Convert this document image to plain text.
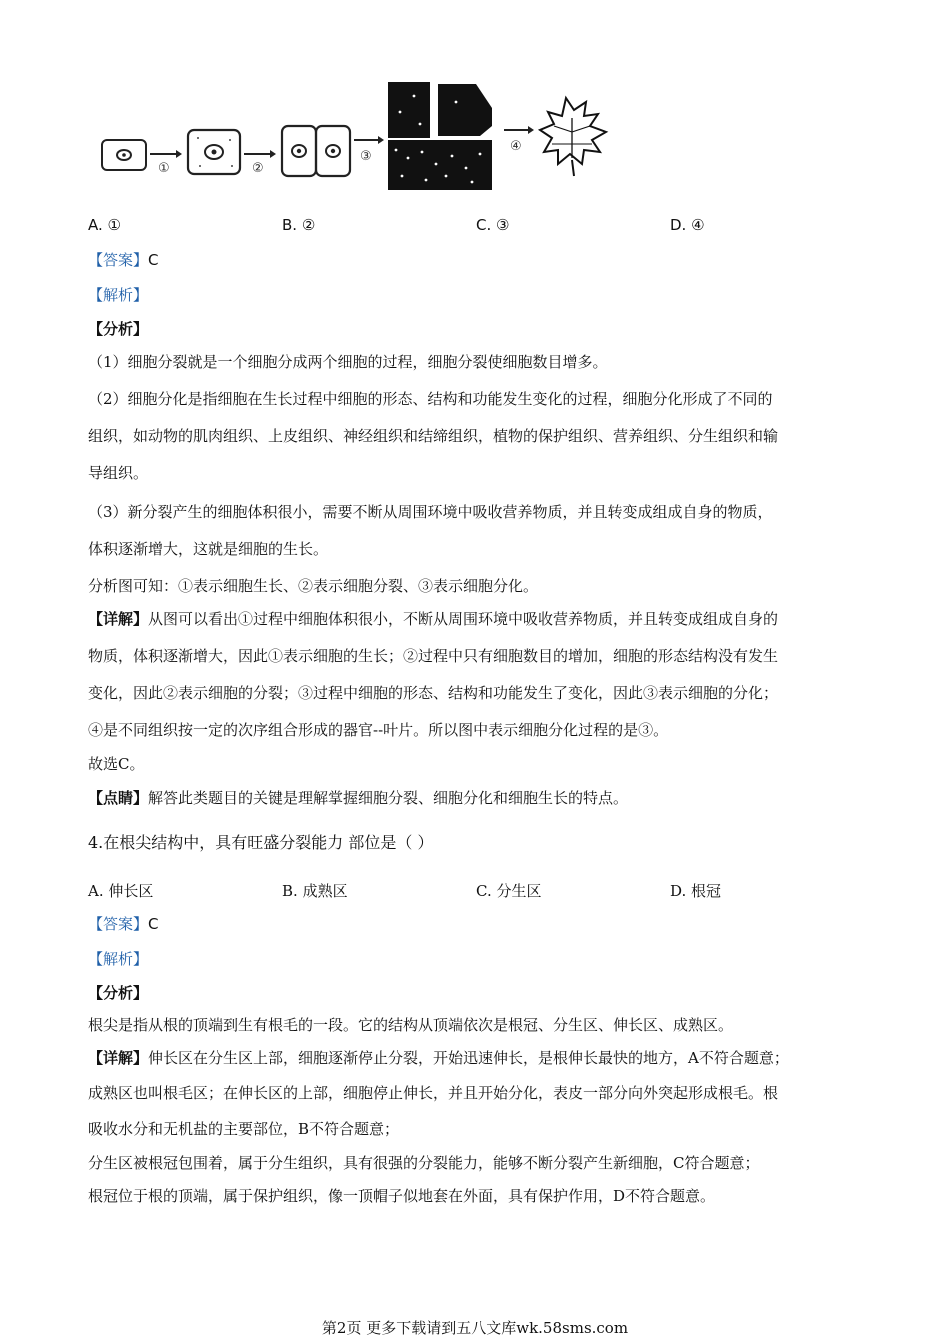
①	②
③
④
A. ①	B. ②	C. ③	D. ④
【答案】C
【解析】
【分析】
（1）细胞分裂就是一个细胞分成两个细胞的过程，细胞分裂使细胞数目增多。
（2）细胞分化是指细胞在生长过程中细胞的形态、结构和功能发生变化的过程，细胞分化形成了不同的
组织，如动物的肌肉组织、上皮组织、神经组织和结缔组织，植物的保护组织、营养组织、分生组织和输
导组织。
（3）新分裂产生的细胞体积很小，需要不断从周围环境中吸收营养物质，并且转变成组成自身的物质，
体积逐渐增大，这就是细胞的生长。
分析图可知：①表示细胞生长、②表示细胞分裂、③表示细胞分化。
【详解】从图可以看出①过程中细胞体积很小，不断从周围环境中吸收营养物质，并且转变成组成自身的
物质，体积逐渐增大，因此①表示细胞的生长；②过程中只有细胞数目的增加，细胞的形态结构没有发生
变化，因此②表示细胞的分裂；③过程中细胞的形态、结构和功能发生了变化，因此③表示细胞的分化；
④是不同组织按一定的次序组合形成的器官--叶片。所以图中表示细胞分化过程的是③。
故选C。
【点睛】解答此类题目的关键是理解掌握细胞分裂、细胞分化和细胞生长的特点。
4.在根尖结构中，具有旺盛分裂能力 部位是（ ）
A. 伸长区	B. 成熟区	C. 分生区	D. 根冠
【答案】C
【解析】
【分析】
根尖是指从根的顶端到生有根毛的一段。它的结构从顶端依次是根冠、分生区、伸长区、成熟区。
【详解】伸长区在分生区上部，细胞逐渐停止分裂，开始迅速伸长，是根伸长最快的地方，A不符合题意；
成熟区也叫根毛区；在伸长区的上部，细胞停止伸长，并且开始分化，表皮一部分向外突起形成根毛。根
吸收水分和无机盐的主要部位，B不符合题意；
分生区被根冠包围着，属于分生组织，具有很强的分裂能力，能够不断分裂产生新细胞，C符合题意；
根冠位于根的顶端，属于保护组织，像一顶帽子似地套在外面，具有保护作用，D不符合题意。
第2页 更多下载请到五八文库wk.58sms.com
